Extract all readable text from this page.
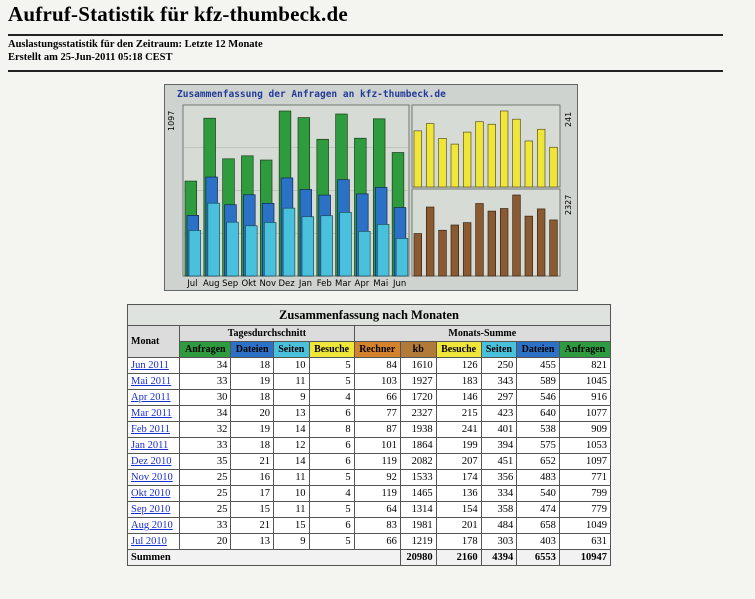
Aufruf-Statistik für kfz-thumbeck.de
Auslastungsstatistik für den Zeitraum: Letzte 12 Monate
Erstellt am 25-Jun-2011 05:18 CEST
Zusammenfassung der Anfragen an kfz-thumbeck.de
Jul Aug Sep Okt Nov Dez Jan Feb Mar Apr Mai Jun
1097	241
2327
Zusammenfassung nach Monaten										
Monat	Tagesdurchschnitt				Monats-Summe					
	Anfragen	Dateien	Seiten	Besuche	Rechner	kb	Besuche	Seiten	Dateien	Anfragen
Jun 2011	34	18	10	5	84	1610	126	250	455	821
Mai 2011	33	19	11	5	103	1927	183	343	589	1045
Apr 2011	30	18	9	4	66	1720	146	297	546	916
Mar 2011	34	20	13	6	77	2327	215	423	640	1077
Feb 2011	32	19	14	8	87	1938	241	401	538	909
Jan 2011	33	18	12	6	101	1864	199	394	575	1053
Dez 2010	35	21	14	6	119	2082	207	451	652	1097
Nov 2010	25	16	11	5	92	1533	174	356	483	771
Okt 2010	25	17	10	4	119	1465	136	334	540	799
Sep 2010	25	15	11	5	64	1314	154	358	474	779
Aug 2010	33	21	15	6	83	1981	201	484	658	1049
Jul 2010	20	13	9	5	66	1219	178	303	403	631
Summen						20980	2160	4394	6553	10947
